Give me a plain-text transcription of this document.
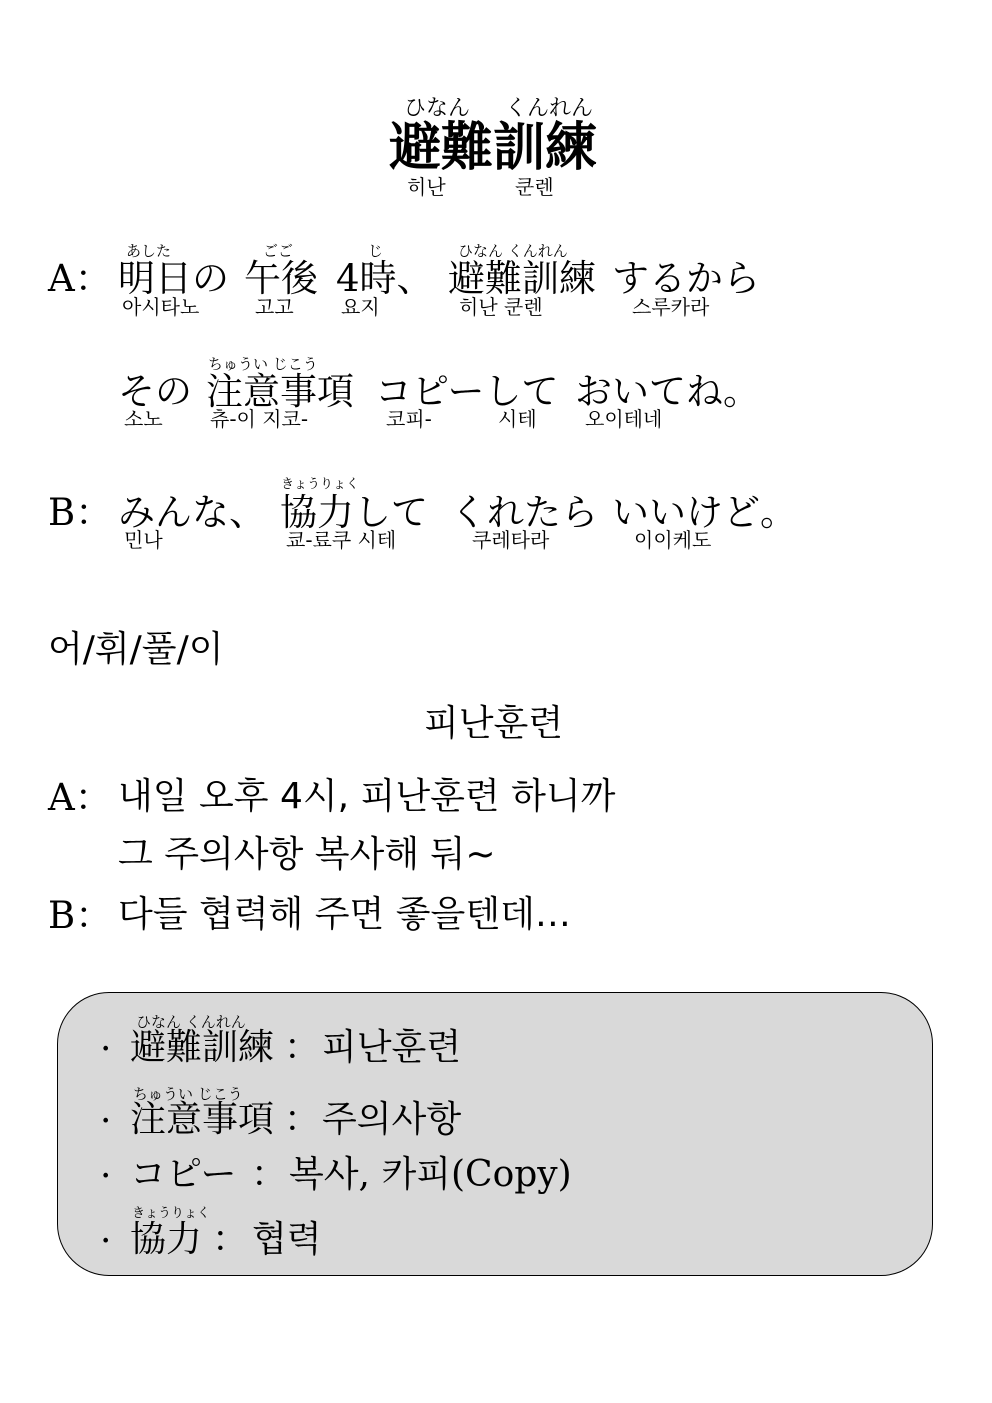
ひなん くんれん
避難訓練
히난	쿤렌
A：
あした
明日の
아시타노
ごご
午後
고고
じ
4時、
요지
ひなん くんれん
避難訓練
히난 쿤렌
するから
스루카라
その
소노
ちゅうい じこう
注意事項
츄-이 지코-
コピーして
코피-	시테
おいてね。
오이테네
B： みんな、
민나
きょうりょく
協力して
쿄-료쿠 시테
くれたら
쿠레타라
いいけど。
이이케도
어/휘/풀/이
피난훈련
A： 내일 오후 4시, 피난훈련 하니까
그 주의사항 복사해 둬~
B： 다들 협력해 주면 좋을텐데…
·
ひなん くんれん
避難訓練 ： 피난훈련
·
ちゅうい じこう
注意事項 ： 주의사항
· コピー ： 복사, 카피(Copy)
·
きょうりょく
協力 ： 협력
